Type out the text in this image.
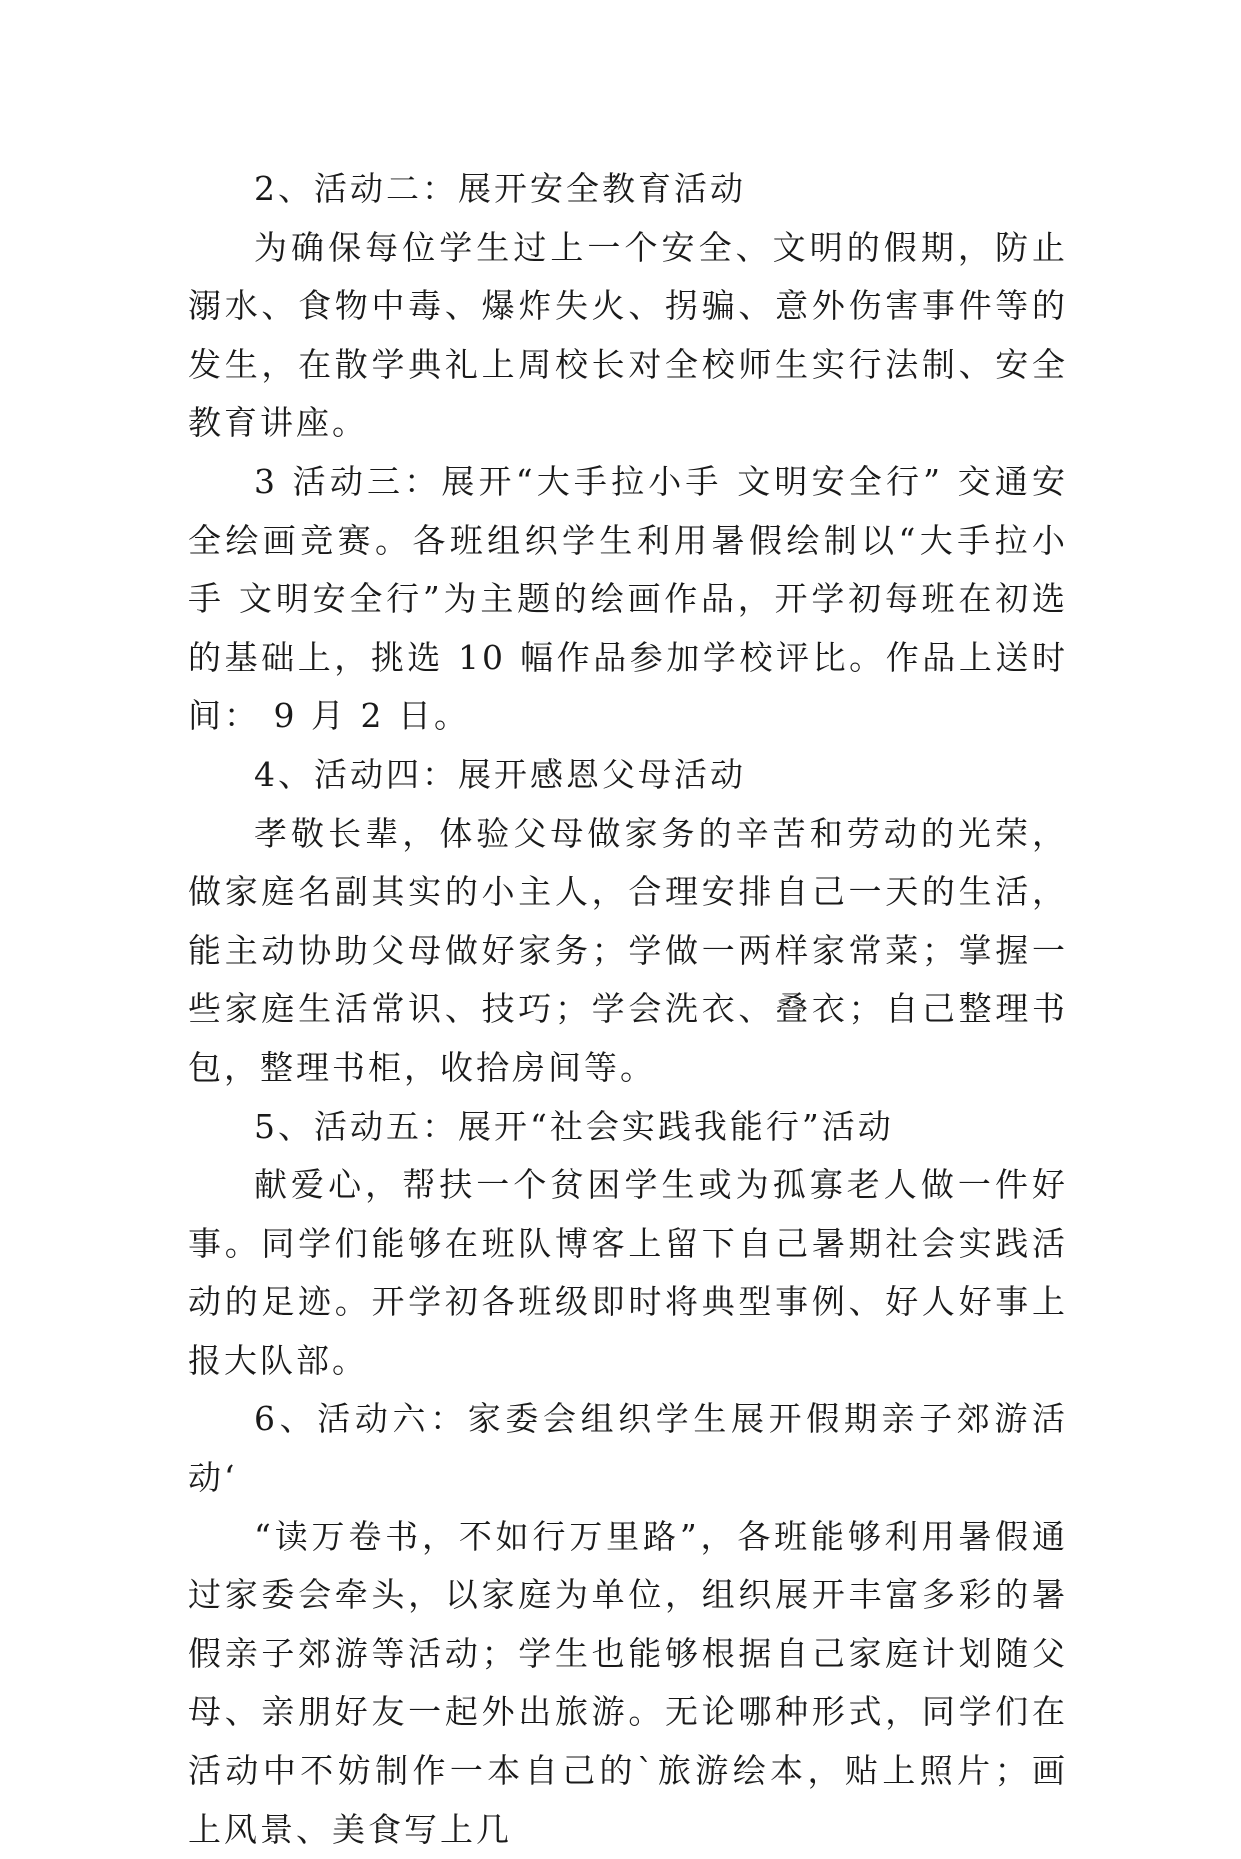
2、活动二：展开安全教育活动

为确保每位学生过上一个安全、文明的假期，防止溺水、食物中毒、爆炸失火、拐骗、意外伤害事件等的发生，在散学典礼上周校长对全校师生实行法制、安全教育讲座。

3 活动三：展开“大手拉小手 文明安全行” 交通安全绘画竞赛。各班组织学生利用暑假绘制以“大手拉小手 文明安全行”为主题的绘画作品，开学初每班在初选的基础上，挑选 10 幅作品参加学校评比。作品上送时间： 9 月 2 日。

4、活动四：展开感恩父母活动

孝敬长辈，体验父母做家务的辛苦和劳动的光荣，做家庭名副其实的小主人，合理安排自己一天的生活，能主动协助父母做好家务；学做一两样家常菜；掌握一些家庭生活常识、技巧；学会洗衣、叠衣；自己整理书包，整理书柜，收拾房间等。

5、活动五：展开“社会实践我能行”活动

献爱心，帮扶一个贫困学生或为孤寡老人做一件好事。同学们能够在班队博客上留下自己暑期社会实践活动的足迹。开学初各班级即时将典型事例、好人好事上报大队部。

6、活动六：家委会组织学生展开假期亲子郊游活动‘

“读万卷书，不如行万里路”，各班能够利用暑假通过家委会牵头，以家庭为单位，组织展开丰富多彩的暑假亲子郊游等活动；学生也能够根据自己家庭计划随父母、亲朋好友一起外出旅游。无论哪种形式，同学们在活动中不妨制作一本自己的`旅游绘本，贴上照片；画上风景、美食写上几
